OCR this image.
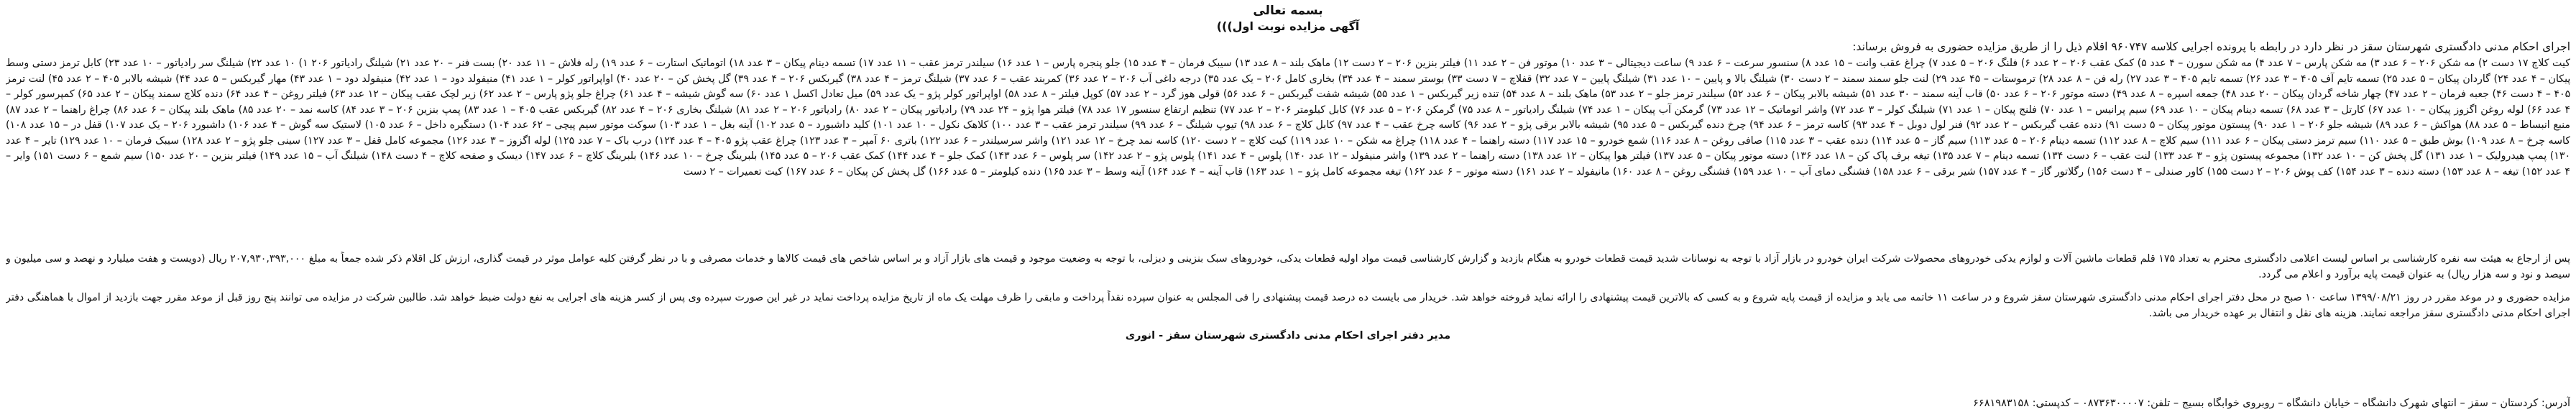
بسمه تعالی
آگهی مزایده نوبت اول)))
اجرای احکام مدنی دادگستری شهرستان سقز در نظر دارد در رابطه با پرونده اجرایی کلاسه ۹۶۰۷۴۷ اقلام ذیل را از طریق مزایده حضوری به فروش برساند:
کیت کلاچ ۱۷ دست ۲) مه شکن ۲۰۶ – ۶ عدد ۳) مه شکن پارس – ۷ عدد ۴) مه شکن سورن – ۴ عدد ۵) کمک عقب ۲۰۶ – ۲ عدد ۶) فلنگ ۲۰۶ – ۵ عدد ۷) چراغ عقب وانت – ۱۵ عدد ۸) سنسور سرعت – ۶ عدد ۹) ساعت دیجیتالی – ۳ عدد ۱۰) موتور فن – ۲ عدد ۱۱) فیلتر بنزین ۲۰۶ – ۲ دست ۱۲) ماهک بلند – ۸ عدد ۱۳) سیبک فرمان – ۴ عدد ۱۵) جلو پنجره پارس – ۱ عدد ۱۶) سیلندر ترمز عقب – ۱۱ عدد ۱۷) تسمه دینام پیکان – ۳ عدد ۱۸) اتوماتیک استارت – ۶ عدد ۱۹) رله فلاش – ۱۱ عدد ۲۰) بست فنر – ۲۰ عدد ۲۱) شیلنگ رادیاتور ۲۰۶ ۱) ۱۰ عدد ۲۲) شیلنگ سر رادیاتور – ۱۰ عدد ۲۳) کابل ترمز دستی وسط پیکان – ۴ عدد ۲۴) گاردان پیکان – ۵ عدد ۲۵) تسمه تایم آف ۴۰۵ – ۳ عدد ۲۶) تسمه تایم ۴۰۵ – ۳ عدد ۲۷) رله فن – ۸ عدد ۲۸) ترموستات – ۴۵ عدد ۲۹) لنت جلو سمند سمند – ۲ دست ۳۰) شیلنگ بالا و پایین – ۱۰ عدد ۳۱) شیلنگ پایین – ۷ عدد ۳۲) قفلاچ – ۷ دست ۳۳) بوستر سمند – ۴ عدد ۳۴) بخاری کامل ۲۰۶ – یک عدد ۳۵) درجه داغی آب ۲۰۶ – ۲ عدد ۳۶) کمربند عقب – ۶ عدد ۳۷) شیلنگ ترمز – ۴ عدد ۳۸) گیربکس ۲۰۶ – ۴ عدد ۳۹) گل پخش کن – ۲۰ عدد ۴۰) اواپراتور کولر – ۱ عدد ۴۱) منیفولد دود – ۱ عدد ۴۲) منیفولد دود – ۱ عدد ۴۳) مهار گیربکس – ۵ عدد ۴۴) شیشه بالابر ۴۰۵ – ۲ عدد ۴۵) لنت ترمز ۴۰۵ – ۴ دست ۴۶) جعبه فرمان – ۲ عدد ۴۷) چهار شاخه گردان پیکان – ۲۰ عدد ۴۸) جمعه اسپره – ۸ عدد ۴۹) دسته موتور ۲۰۶ – ۶ عدد ۵۰) قاب آینه سمند – ۳۰ عدد ۵۱) شیشه بالابر پیکان – ۶ عدد ۵۲) سیلندر ترمز جلو – ۲ عدد ۵۳) ماهک بلند – ۸ عدد ۵۴) تنده زیر گیربکس – ۱ عدد ۵۵) شیشه شفت گیربکس – ۶ عدد ۵۶) قولی هوز گرد – ۲ عدد ۵۷) کوپل فیلتر – ۸ عدد ۵۸) اواپراتور کولر پژو – یک عدد ۵۹) میل تعادل اکسل ۱ عدد ۶۰) سه گوش شیشه – ۴ عدد ۶۱) چراغ جلو پژو پارس – ۲ عدد ۶۲) زیر لچک عقب پیکان – ۱۲ عدد ۶۳) فیلتر روغن – ۴ عدد ۶۴) دنده کلاچ سمند پیکان – ۲ عدد ۶۵) کمپرسور کولر – ۴ عدد ۶۶) لوله روغن اگزوز پیکان – ۱۰ عدد ۶۷) کارتل – ۳ عدد ۶۸) تسمه دینام پیکان – ۱۰ عدد ۶۹) سیم پرانیس – ۱ عدد ۷۰) فلنج پیکان – ۱ عدد ۷۱) شیلنگ کولر – ۳ عدد ۷۲) واشر اتوماتیک – ۱۲ عدد ۷۳) گرمکن آب پیکان – ۱ عدد ۷۴) شیلنگ رادیاتور – ۸ عدد ۷۵) گرمکن ۲۰۶ – ۵ عدد ۷۶) کابل کیلومتر ۲۰۶ – ۲ عدد ۷۷) تنظیم ارتفاع سنسور ۱۷ عدد ۷۸) فیلتر هوا پژو – ۲۴ عدد ۷۹) رادیاتور پیکان – ۲ عدد ۸۰) رادیاتور ۲۰۶ – ۲ عدد ۸۱) شیلنگ بخاری ۲۰۶ – ۴ عدد ۸۲) گیربکس عقب ۴۰۵ – ۱ عدد ۸۳) پمپ بنزین ۲۰۶ – ۳ عدد ۸۴) کاسه نمد – ۲۰ عدد ۸۵) ماهک بلند پیکان – ۶ عدد ۸۶) چراغ راهنما – ۲ عدد ۸۷) منبع انبساط – ۵ عدد ۸۸) هواکش – ۶ عدد ۸۹) شیشه جلو ۲۰۶ – ۱ عدد ۹۰) پیستون موتور پیکان – ۵ دست ۹۱) دنده عقب گیربکس – ۲ عدد ۹۲) فنر لول دوبل – ۴ عدد ۹۳) کاسه ترمز – ۶ عدد ۹۴) چرخ دنده گیربکس – ۵ عدد ۹۵) شیشه بالابر برقی پژو – ۲ عدد ۹۶) کاسه چرخ عقب – ۴ عدد ۹۷) کابل کلاچ – ۶ عدد ۹۸) تیوپ شیلنگ – ۶ عدد ۹۹) سیلندر ترمز عقب – ۳ عدد ۱۰۰) کلاهک نکول – ۱۰ عدد ۱۰۱) کلید داشبورد – ۵ عدد ۱۰۲) آینه بغل – ۱ عدد ۱۰۳) سوکت موتور سیم پیچی – ۶۲ عدد ۱۰۴) دستگیره داخل – ۶ عدد ۱۰۵) لاستیک سه گوش – ۴ عدد ۱۰۶) داشبورد ۲۰۶ – یک عدد ۱۰۷) قفل در – ۱۵ عدد ۱۰۸) کاسه چرخ – ۸ عدد ۱۰۹) بوش طبق – ۵ عدد ۱۱۰) سیم ترمز دستی پیکان – ۶ عدد ۱۱۱) سیم کلاچ – ۸ عدد ۱۱۲) تسمه دینام ۲۰۶ – ۵ عدد ۱۱۳) سیم گاز – ۵ عدد ۱۱۴) دنده عقب – ۳ عدد ۱۱۵) صافی روغن – ۸ عدد ۱۱۶) شمع خودرو – ۱۵ عدد ۱۱۷) دسته راهنما – ۴ عدد ۱۱۸) چراغ مه شکن – ۱۰ عدد ۱۱۹) کیت کلاچ – ۲ دست ۱۲۰) کاسه نمد چرخ – ۱۲ عدد ۱۲۱) واشر سرسیلندر – ۶ عدد ۱۲۲) باتری ۶۰ آمپر – ۳ عدد ۱۲۳) چراغ عقب پژو ۴۰۵ – ۴ عدد ۱۲۴) درب باک – ۷ عدد ۱۲۵) لوله اگزوز – ۳ عدد ۱۲۶) مجموعه کامل قفل – ۳ عدد ۱۲۷) سینی جلو پژو – ۲ عدد ۱۲۸) سیبک فرمان – ۱۰ عدد ۱۲۹) تایر – ۴ عدد ۱۳۰) پمپ هیدرولیک – ۱ عدد ۱۳۱) گل پخش کن – ۱۰ عدد ۱۳۲) مجموعه پیستون پژو – ۳ عدد ۱۳۳) لنت عقب – ۶ دست ۱۳۴) تسمه دینام – ۷ عدد ۱۳۵) تیغه برف پاک کن – ۱۸ عدد ۱۳۶) دسته موتور پیکان – ۵ عدد ۱۳۷) فیلتر هوا پیکان – ۱۲ عدد ۱۳۸) دسته راهنما – ۲ عدد ۱۳۹) واشر منیفولد – ۱۲ عدد ۱۴۰) پلوس – ۴ عدد ۱۴۱) پلوس پژو – ۲ عدد ۱۴۲) سر پلوس – ۶ عدد ۱۴۳) کمک جلو – ۴ عدد ۱۴۴) کمک عقب ۲۰۶ – ۵ عدد ۱۴۵) بلبرینگ چرخ – ۱۰ عدد ۱۴۶) بلبرینگ کلاچ – ۶ عدد ۱۴۷) دیسک و صفحه کلاچ – ۴ دست ۱۴۸) شیلنگ آب – ۱۵ عدد ۱۴۹) فیلتر بنزین – ۲۰ عدد ۱۵۰) سیم شمع – ۶ دست ۱۵۱) وایر – ۴ عدد ۱۵۲) تیغه – ۸ عدد ۱۵۳) دسته دنده – ۳ عدد ۱۵۴) کف پوش ۲۰۶ – ۲ دست ۱۵۵) کاور صندلی – ۴ دست ۱۵۶) رگلاتور گاز – ۴ عدد ۱۵۷) شیر برقی – ۶ عدد ۱۵۸) فشنگی دمای آب – ۱۰ عدد ۱۵۹) فشنگی روغن – ۸ عدد ۱۶۰) مانیفولد – ۲ عدد ۱۶۱) دسته موتور – ۶ عدد ۱۶۲) تیغه مجموعه کامل پژو – ۱ عدد ۱۶۳) قاب آینه – ۴ عدد ۱۶۴) آینه وسط – ۳ عدد ۱۶۵) دنده کیلومتر – ۵ عدد ۱۶۶) گل پخش کن پیکان – ۶ عدد ۱۶۷) کیت تعمیرات – ۲ دست
پس از ارجاع به هیئت سه نفره کارشناسی بر اساس لیست اعلامی دادگستری محترم به تعداد ۱۷۵ قلم قطعات ماشین آلات و لوازم یدکی خودروهای محصولات شرکت ایران خودرو در بازار آزاد با توجه به نوسانات شدید قیمت قطعات خودرو به هنگام بازدید و گزارش کارشناسی قیمت مواد اولیه قطعات یدکی، خودروهای سبک بنزینی و دیزلی، با توجه به وضعیت موجود و قیمت های بازار آزاد و بر اساس شاخص های قیمت کالاها و خدمات مصرفی و با در نظر گرفتن کلیه عوامل موثر در قیمت گذاری، ارزش کل اقلام ذکر شده جمعاً به مبلغ ۲۰۷,۹۳۰,۳۹۳,۰۰۰ ریال (دویست و هفت میلیارد و نهصد و سی میلیون و سیصد و نود و سه هزار ریال) به عنوان قیمت پایه برآورد و اعلام می گردد.
مزایده حضوری و در موعد مقرر در روز ۱۳۹۹/۰۸/۲۱ ساعت ۱۰ صبح در محل دفتر اجرای احکام مدنی دادگستری شهرستان سقز شروع و در ساعت ۱۱ خاتمه می یابد و مزایده از قیمت پایه شروع و به کسی که بالاترین قیمت پیشنهادی را ارائه نماید فروخته خواهد شد. خریدار می بایست ده درصد قیمت پیشنهادی را فی المجلس به عنوان سپرده نقداً پرداخت و مابقی را ظرف مهلت یک ماه از تاریخ مزایده پرداخت نماید در غیر این صورت سپرده وی پس از کسر هزینه های اجرایی به نفع دولت ضبط خواهد شد. طالبین شرکت در مزایده می توانند پنج روز قبل از موعد مقرر جهت بازدید از اموال با هماهنگی دفتر اجرای احکام مدنی دادگستری سقز مراجعه نمایند. هزینه های نقل و انتقال بر عهده خریدار می باشد.
مدیر دفتر اجرای احکام مدنی دادگستری شهرستان سقز - انوری
آدرس: کردستان – سقز – انتهای شهرک دانشگاه – خیابان دانشگاه – روبروی خوابگاه بسیج – تلفن: ۰۸۷۳۶۳۰۰۰۰۷ – کدپستی: ۶۶۸۱۹۸۳۱۵۸
